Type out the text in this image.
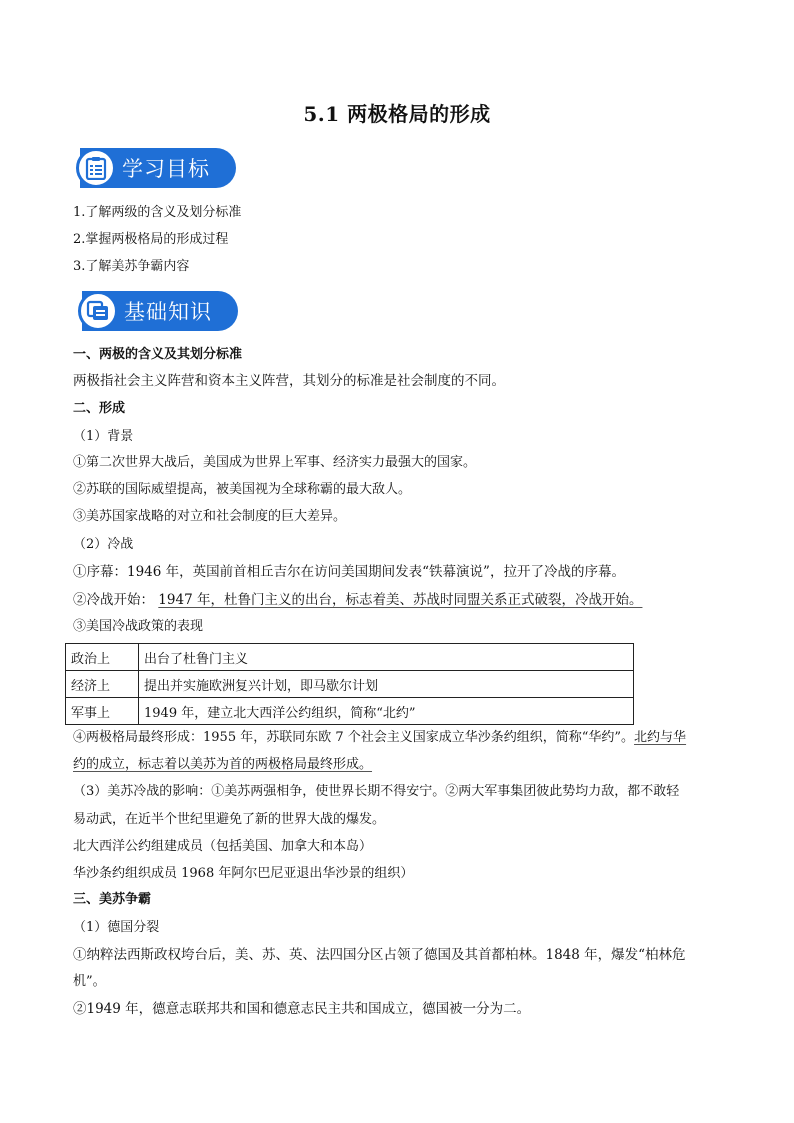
5.1 两极格局的形成
学习目标
1.了解两级的含义及划分标准
2.掌握两极格局的形成过程
3.了解美苏争霸内容
基础知识
一、两极的含义及其划分标准
两极指社会主义阵营和资本主义阵营，其划分的标准是社会制度的不同。
二、形成
（1）背景
①第二次世界大战后，美国成为世界上军事、经济实力最强大的国家。
②苏联的国际威望提高，被美国视为全球称霸的最大敌人。
③美苏国家战略的对立和社会制度的巨大差异。
（2）冷战
①序幕：1946 年，英国前首相丘吉尔在访问美国期间发表“铁幕演说”，拉开了冷战的序幕。
②冷战开始： 1947 年，杜鲁门主义的出台，标志着美、苏战时同盟关系正式破裂，冷战开始。
③美国冷战政策的表现
政治上	出台了杜鲁门主义
经济上	提出并实施欧洲复兴计划，即马歇尔计划
军事上	1949 年，建立北大西洋公约组织，简称“北约”
④两极格局最终形成：1955 年，苏联同东欧 7 个社会主义国家成立华沙条约组织，简称“华约”。北约与华
约的成立，标志着以美苏为首的两极格局最终形成。
（3）美苏冷战的影响：①美苏两强相争，使世界长期不得安宁。②两大军事集团彼此势均力敌，都不敢轻
易动武，在近半个世纪里避免了新的世界大战的爆发。
北大西洋公约组建成员（包括美国、加拿大和本岛）
华沙条约组织成员 1968 年阿尔巴尼亚退出华沙景的组织）
三、美苏争霸
（1）德国分裂
①纳粹法西斯政权垮台后，美、苏、英、法四国分区占领了德国及其首都柏林。1848 年，爆发“柏林危
机”。
②1949 年，德意志联邦共和国和德意志民主共和国成立，德国被一分为二。
